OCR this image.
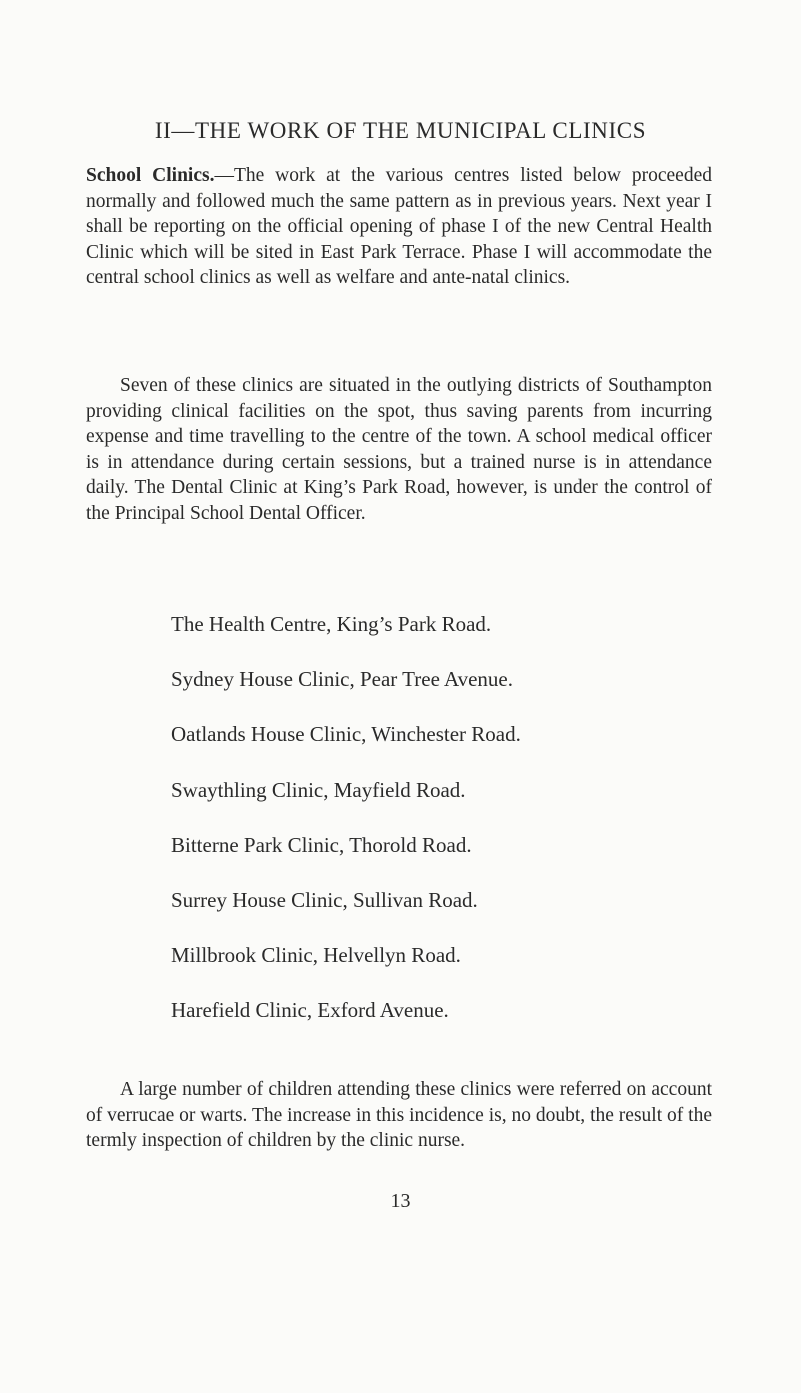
II—THE WORK OF THE MUNICIPAL CLINICS

School Clinics.—The work at the various centres listed below proceeded normally and followed much the same pattern as in previous years. Next year I shall be reporting on the official opening of phase I of the new Central Health Clinic which will be sited in East Park Terrace. Phase I will accommodate the central school clinics as well as welfare and ante-natal clinics.

Seven of these clinics are situated in the outlying districts of Southampton providing clinical facilities on the spot, thus saving parents from incurring expense and time travelling to the centre of the town. A school medical officer is in attendance during certain sessions, but a trained nurse is in attendance daily. The Dental Clinic at King’s Park Road, however, is under the control of the Principal School Dental Officer.

The Health Centre, King’s Park Road.
Sydney House Clinic, Pear Tree Avenue.
Oatlands House Clinic, Winchester Road.
Swaythling Clinic, Mayfield Road.
Bitterne Park Clinic, Thorold Road.
Surrey House Clinic, Sullivan Road.
Millbrook Clinic, Helvellyn Road.
Harefield Clinic, Exford Avenue.

A large number of children attending these clinics were referred on account of verrucae or warts. The increase in this incidence is, no doubt, the result of the termly inspection of children by the clinic nurse.

13
